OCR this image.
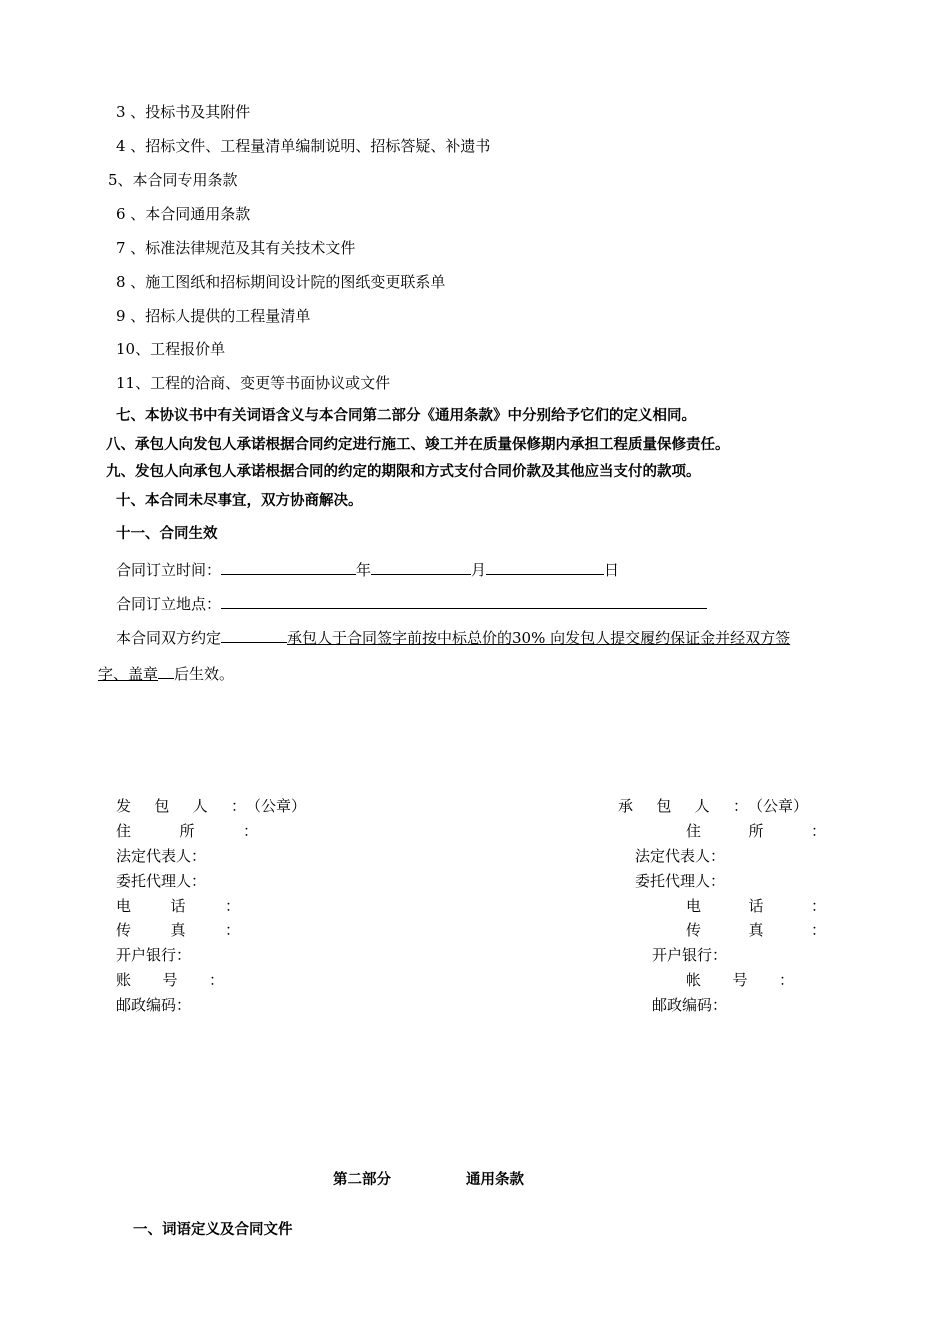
3 、投标书及其附件
4 、招标文件、工程量清单编制说明、招标答疑、补遗书
5、本合同专用条款
6 、本合同通用条款
7 、标准法律规范及其有关技术文件
8 、施工图纸和招标期间设计院的图纸变更联系单
9 、招标人提供的工程量清单
10、工程报价单
11、工程的洽商、变更等书面协议或文件
七、本协议书中有关词语含义与本合同第二部分《通用条款》中分别给予它们的定义相同。
八、承包人向发包人承诺根据合同约定进行施工、竣工并在质量保修期内承担工程质量保修责任。
九、发包人向承包人承诺根据合同的约定的期限和方式支付合同价款及其他应当支付的款项。
十、本合同未尽事宜，双方协商解决。
十一、合同生效
合同订立时间：	年	月	日
合同订立地点：
本合同双方约定	承包人于合同签字前按中标总价的30% 向发包人提交履约保证金并经双方签
字、盖章 后生效。
发 包 人 ：（公章）
住 所 ：
法定代表人：
委托代理人：
电 话 ：
传 真 ：
开户银行：
账 号 ：
邮政编码：
承 包 人 ：（公章）
住 所 ：
法定代表人：
委托代理人：
电 话 ：
传 真 ：
开户银行：
帐 号 ：
邮政编码：
第二部分	通用条款
一、词语定义及合同文件
